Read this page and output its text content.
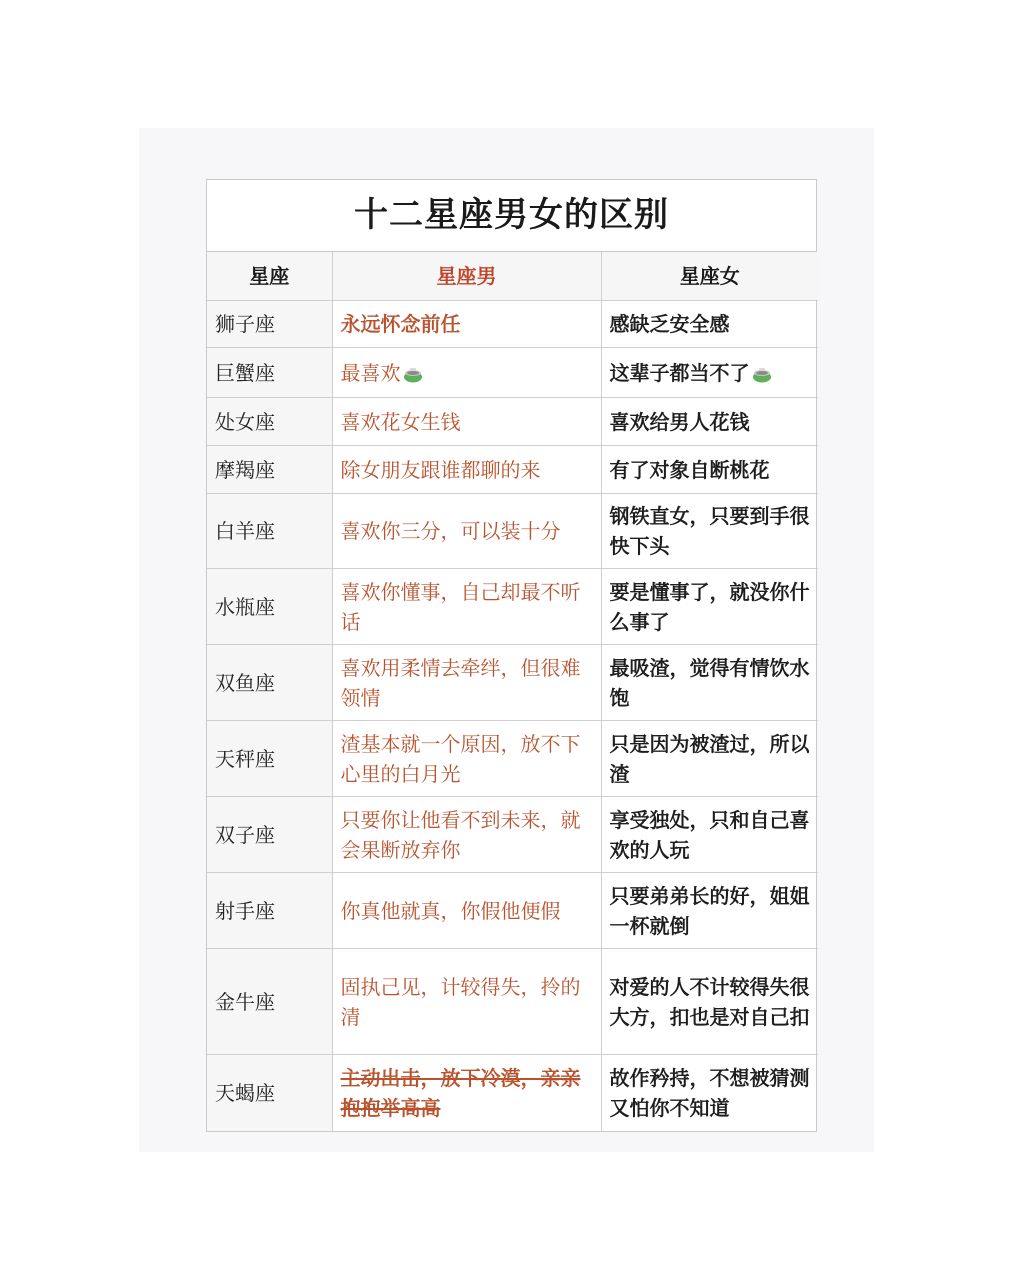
十二星座男女的区别
星座	星座男	星座女
狮子座	永远怀念前任	感缺乏安全感
巨蟹座	最喜欢	这辈子都当不了
处女座	喜欢花女生钱	喜欢给男人花钱
摩羯座	除女朋友跟谁都聊的来	有了对象自断桃花
白羊座	喜欢你三分，可以装十分	钢铁直女，只要到手很快下头
水瓶座	喜欢你懂事，自己却最不听话	要是懂事了，就没你什么事了
双鱼座	喜欢用柔情去牵绊，但很难领情	最吸渣，觉得有情饮水饱
天秤座	渣基本就一个原因，放不下心里的白月光	只是因为被渣过，所以渣
双子座	只要你让他看不到未来，就会果断放弃你	享受独处，只和自己喜欢的人玩
射手座	你真他就真，你假他便假	只要弟弟长的好，姐姐一杯就倒
金牛座	固执己见，计较得失，拎的清	对爱的人不计较得失很大方，扣也是对自己扣
天蝎座	主动出击，放下冷漠，亲亲抱抱举高高	故作矜持，不想被猜测又怕你不知道
